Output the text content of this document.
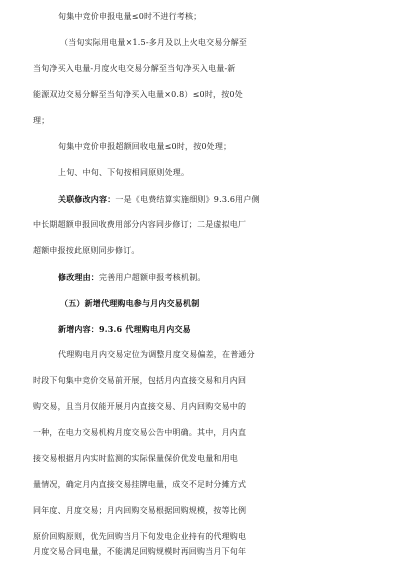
旬集中竞价申报电量≤0时不进行考核；
（当旬实际用电量×1.5-多月及以上火电交易分解至
当旬净买入电量-月度火电交易分解至当旬净买入电量-新
能源双边交易分解至当旬净买入电量×0.8）≤0时，按0处
理；
旬集中竞价申报超额回收电量≤0时，按0处理；
上旬、中旬、下旬按相同原则处理。
关联修改内容：一是《电费结算实施细则》9.3.6用户侧
中长期超额申报回收费用部分内容同步修订；二是虚拟电厂
超额申报按此原则同步修订。
修改理由：完善用户超额申报考核机制。
（五）新增代理购电参与月内交易机制
新增内容：9.3.6 代理购电月内交易
代理购电月内交易定位为调整月度交易偏差，在普通分
时段下旬集中竞价交易前开展，包括月内直接交易和月内回
购交易，且当月仅能开展月内直接交易、月内回购交易中的
一种，在电力交易机构月度交易公告中明确。其中，月内直
接交易根据月内实时监测的实际保量保价优发电量和用电
量情况，确定月内直接交易挂牌电量，成交不足时分摊方式
同年度、月度交易；月内回购交易根据回购规模，按等比例
原价回购原则，优先回购当月下旬发电企业持有的代理购电
月度交易合同电量，不能满足回购规模时再回购当月下旬年
